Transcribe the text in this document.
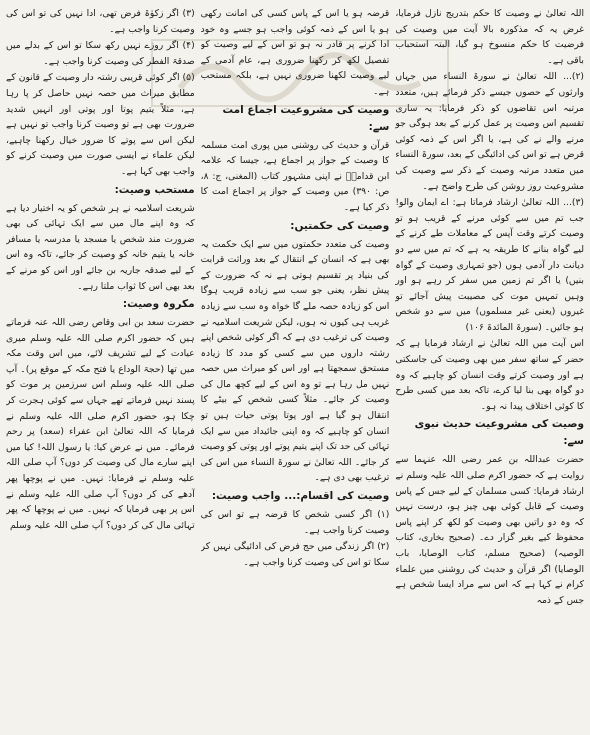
اللہ تعالیٰ نے وصیت کا حکم بتدریج نازل فرمایا، غرض یہ کہ مذکورہ بالا آیت میں وصیت کی فرضیت کا حکم منسوخ ہو گیا، البتہ استحباب باقی ہے۔

(۲)... اللہ تعالیٰ نے سورۃ النساء میں جہاں وارثوں کے حصوں جیسے ذکر فرمائے ہیں، متعدد مرتبہ اس تقاضوں کو ذکر فرمایا: یہ ساری تقسیم اس وصیت پر عمل کرنے کے بعد ہوگی جو مرنے والے نے کی ہے، یا اگر اس کے ذمہ کوئی قرض ہے تو اس کی ادائیگی کے بعد، سورۃ النساء میں متعدد مرتبہ وصیت کے ذکر سے وصیت کی مشروعیت روز روشن کی طرح واضح ہے۔

(۳)... اللہ تعالیٰ ارشاد فرماتا ہے: اے ایمان والو! جب تم میں سے کوئی مرنے کے قریب ہو تو وصیت کرتے وقت آپس کے معاملات طے کرنے کے لیے گواہ بنانے کا طریقہ یہ ہے کہ تم میں سے دو دیانت دار آدمی ہوں (جو تمہاری وصیت کے گواہ بنیں) یا اگر تم زمین میں سفر کر رہے ہو اور وہیں تمہیں موت کی مصیبت پیش آجائے تو غیروں (یعنی غیر مسلموں) میں سے دو شخص ہو جائیں۔ (سورۃ المائدۃ ۱۰۶)

اس آیت میں اللہ تعالیٰ نے ارشاد فرمایا ہے کہ حضر کے ساتھ سفر میں بھی وصیت کی جاسکتی ہے اور وصیت کرتے وقت انسان کو چاہیے کہ وہ دو گواہ بھی بنا لیا کرے، تاکہ بعد میں کسی طرح کا کوئی اختلاف پیدا نہ ہو۔

وصیت کی مشروعیت حدیث نبوی سے:

حضرت عبداللہ بن عمر رضی اللہ عنہما سے روایت ہے کہ حضور اکرم صلی اللہ علیہ وسلم نے ارشاد فرمایا: کسی مسلمان کے لیے جس کے پاس وصیت کے قابل کوئی بھی چیز ہو، درست نہیں کہ وہ دو راتیں بھی وصیت کو لکھ کر اپنے پاس محفوظ کیے بغیر گزار دے۔ (صحیح بخاری، کتاب الوصیہ) (صحیح مسلم، کتاب الوصایا، باب الوصایا) اگر قرآن و حدیث کی روشنی میں علماء کرام نے کہا ہے کہ اس سے مراد ایسا شخص ہے جس کے ذمہ

قرضہ ہو یا اس کے پاس کسی کی امانت رکھی ہو یا اس کے ذمہ کوئی واجب ہو جسے وہ خود ادا کرنے پر قادر نہ ہو تو اس کے لیے وصیت کو تفصیل لکھ کر رکھنا ضروری ہے، عام آدمی کے لیے وصیت لکھنا ضروری نہیں ہے، بلکہ مستحب ہے۔

وصیت کی مشروعیت اجماع امت سے:

قرآن و حدیث کی روشنی میں پوری امت مسلمہ کا وصیت کے جواز پر اجماع ہے، جیسا کہ علامہ ابن قدامہؒ نے اپنی مشہور کتاب (المغنی، ج: ۸، ص: ۳۹۰) میں وصیت کے جواز پر اجماع امت کا ذکر کیا ہے۔

وصیت کی حکمتیں:

وصیت کی متعدد حکمتوں میں سے ایک حکمت یہ بھی ہے کہ انسان کے انتقال کے بعد وراثت قرابت کی بنیاد پر تقسیم ہوتی ہے نہ کہ ضرورت کے پیش نظر، یعنی جو سب سے زیادہ قریب ہوگا اس کو زیادہ حصہ ملے گا خواہ وہ سب سے زیادہ غریب ہی کیوں نہ ہوں، لیکن شریعت اسلامیہ نے وصیت کی ترغیب دی ہے کہ اگر کوئی شخص اپنے رشتہ داروں میں سے کسی کو مدد کا زیادہ مستحق سمجھتا ہے اور اس کو میراث میں حصہ نہیں مل رہا ہے تو وہ اس کے لیے کچھ مال کی وصیت کر جائے۔ مثلاً کسی شخص کے بیٹے کا انتقال ہو گیا ہے اور پوتا پوتی حیات ہیں تو انسان کو چاہیے کہ وہ اپنی جائیداد میں سے ایک تہائی کی حد تک اپنے یتیم پوتے اور پوتی کو وصیت کر جائے۔ اللہ تعالیٰ نے سورۃ النساء میں اس کی ترغیب بھی دی ہے۔

وصیت کی اقسام:... واجب وصیت:

(۱) اگر کسی شخص کا قرضہ ہے تو اس کی وصیت کرنا واجب ہے۔

(۲) اگر زندگی میں حج فرض کی ادائیگی نہیں کر سکا تو اس کی وصیت کرنا واجب ہے۔

(۳) اگر زکوٰۃ فرض تھی، ادا نہیں کی تو اس کی وصیت کرنا واجب ہے۔

(۴) اگر روزے نہیں رکھ سکا تو اس کے بدلے میں صدقۃ الفطر کی وصیت کرنا واجب ہے۔

(۵) اگر کوئی قریبی رشتہ دار وصیت کے قانون کے مطابق میراث میں حصہ نہیں حاصل کر پا رہا ہے، مثلاً یتیم پوتا اور پوتی اور انہیں شدید ضرورت بھی ہے تو وصیت کرنا واجب تو نہیں ہے لیکن اس سے پوتے کا ضرور خیال رکھنا چاہیے، لیکن علماء نے ایسی صورت میں وصیت کرنے کو واجب بھی کہا ہے۔

مستحب وصیت:

شریعت اسلامیہ نے ہر شخص کو یہ اختیار دیا ہے کہ وہ اپنے مال میں سے ایک تہائی کی بھی ضرورت مند شخص یا مسجد یا مدرسہ یا مسافر خانہ یا یتیم خانہ کو وصیت کر جائے، تاکہ وہ اس کے لیے صدقہ جاریہ بن جائے اور اس کو مرنے کے بعد بھی اس کا ثواب ملتا رہے۔

مکروہ وصیت:

حضرت سعد بن ابی وقاص رضی اللہ عنہ فرماتے ہیں کہ حضور اکرم صلی اللہ علیہ وسلم میری عیادت کے لیے تشریف لائے، میں اس وقت مکہ میں تھا (حجۃ الوداع یا فتح مکہ کے موقع پر)۔ آپ صلی اللہ علیہ وسلم اس سرزمین پر موت کو پسند نہیں فرماتے تھے جہاں سے کوئی ہجرت کر چکا ہو، حضور اکرم صلی اللہ علیہ وسلم نے فرمایا کہ اللہ تعالیٰ ابن عفراء (سعد) پر رحم فرمائے۔ میں نے عرض کیا: یا رسول اللہ! کیا میں اپنے سارے مال کی وصیت کر دوں؟ آپ صلی اللہ علیہ وسلم نے فرمایا: نہیں۔ میں نے پوچھا پھر آدھے کی کر دوں؟ آپ صلی اللہ علیہ وسلم نے اس پر بھی فرمایا کہ نہیں۔ میں نے پوچھا کہ پھر تہائی مال کی کر دوں؟ آپ صلی اللہ علیہ وسلم
